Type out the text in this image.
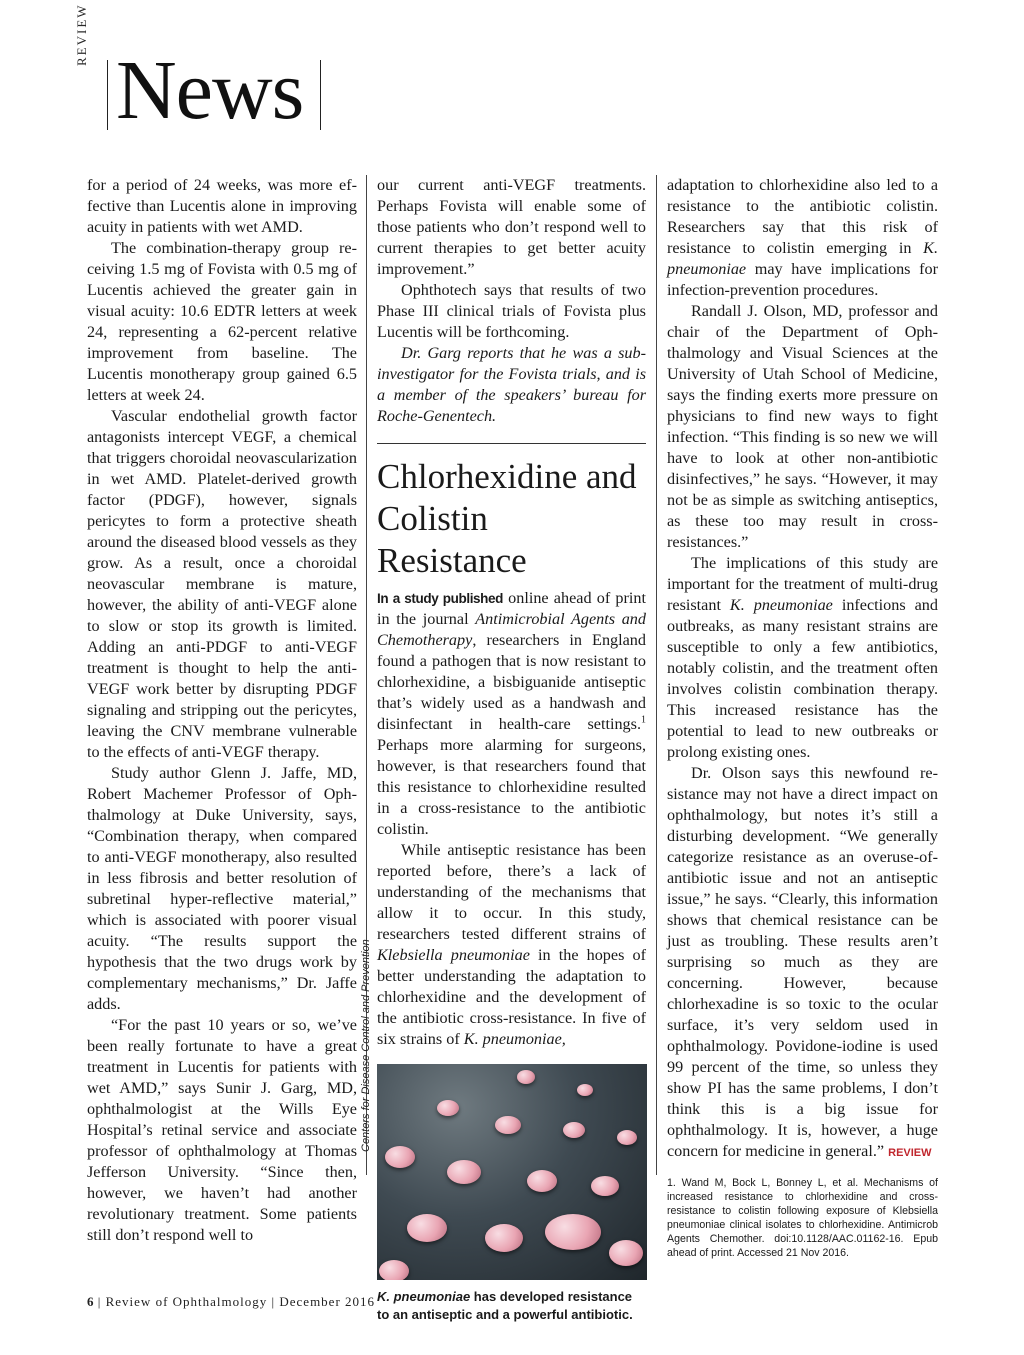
REVIEW
News

for a period of 24 weeks, was more effective than Lucentis alone in improving acuity in patients with wet AMD.

The combination-therapy group receiving 1.5 mg of Fovista with 0.5 mg of Lucentis achieved the greater gain in visual acuity: 10.6 EDTR letters at week 24, representing a 62-percent relative improvement from baseline. The Lucentis monotherapy group gained 6.5 letters at week 24.

Vascular endothelial growth factor antagonists intercept VEGF, a chemical that triggers choroidal neovascularization in wet AMD. Platelet-derived growth factor (PDGF), however, signals pericytes to form a protective sheath around the diseased blood vessels as they grow. As a result, once a choroidal neovascular membrane is mature, however, the ability of anti-VEGF alone to slow or stop its growth is limited. Adding an anti-PDGF to anti-VEGF treatment is thought to help the anti-VEGF work better by disrupting PDGF signaling and stripping out the pericytes, leaving the CNV membrane vulnerable to the effects of anti-VEGF therapy.

Study author Glenn J. Jaffe, MD, Robert Machemer Professor of Ophthalmology at Duke University, says, “Combination therapy, when compared to anti-VEGF monotherapy, also resulted in less fibrosis and better resolution of subretinal hyper-reflective material,” which is associated with poorer visual acuity. “The results support the hypothesis that the two drugs work by complementary mechanisms,” Dr. Jaffe adds.

“For the past 10 years or so, we’ve been really fortunate to have a great treatment in Lucentis for patients with wet AMD,” says Sunir J. Garg, MD, ophthalmologist at the Wills Eye Hospital’s retinal service and associate professor of ophthalmology at Thomas Jefferson University. “Since then, however, we haven’t had another revolutionary treatment. Some patients still don’t respond well to

our current anti-VEGF treatments. Perhaps Fovista will enable some of those patients who don’t respond well to current therapies to get better acuity improvement.”

Ophthotech says that results of two Phase III clinical trials of Fovista plus Lucentis will be forthcoming.

Dr. Garg reports that he was a subinvestigator for the Fovista trials, and is a member of the speakers’ bureau for Roche-Genentech.

Chlorhexidine and Colistin Resistance

In a study published online ahead of print in the journal Antimicrobial Agents and Chemotherapy, researchers in England found a pathogen that is now resistant to chlorhexidine, a bisbiguanide antiseptic that’s widely used as a handwash and disinfectant in health-care settings.$^1$ Perhaps more alarming for surgeons, however, is that researchers found that this resistance to chlorhexidine resulted in a cross-resistance to the antibiotic colistin.

While antiseptic resistance has been reported before, there’s a lack of understanding of the mechanisms that allow it to occur. In this study, researchers tested different strains of Klebsiella pneumoniae in the hopes of better understanding the adaptation to chlorhexidine and the development of the antibiotic cross-resistance. In five of six strains of K. pneumoniae,

K. pneumoniae has developed resistance to an antiseptic and a powerful antibiotic.
Centers for Disease Control and Prevention

adaptation to chlorhexidine also led to a resistance to the antibiotic colistin. Researchers say that this risk of resistance to colistin emerging in K. pneumoniae may have implications for infection-prevention procedures.

Randall J. Olson, MD, professor and chair of the Department of Ophthalmology and Visual Sciences at the University of Utah School of Medicine, says the finding exerts more pressure on physicians to find new ways to fight infection. “This finding is so new we will have to look at other non-antibiotic disinfectives,” he says. “However, it may not be as simple as switching antiseptics, as these too may result in cross-resistances.”

The implications of this study are important for the treatment of multi-drug resistant K. pneumoniae infections and outbreaks, as many resistant strains are susceptible to only a few antibiotics, notably colistin, and the treatment often involves colistin combination therapy. This increased resistance has the potential to lead to new outbreaks or prolong existing ones.

Dr. Olson says this newfound resistance may not have a direct impact on ophthalmology, but notes it’s still a disturbing development. “We generally categorize resistance as an overuse-of-antibiotic issue and not an antiseptic issue,” he says. “Clearly, this information shows that chemical resistance can be just as troubling. These results aren’t surprising so much as they are concerning. However, because chlorhexadine is so toxic to the ocular surface, it’s very seldom used in ophthalmology. Povidone-iodine is used 99 percent of the time, so unless they show PI has the same problems, I don’t think this is a big issue for ophthalmology. It is, however, a huge concern for medicine in general.” REVIEW

1. Wand M, Bock L, Bonney L, et al. Mechanisms of increased resistance to chlorhexidine and cross-resistance to colistin following exposure of Klebsiella pneumoniae clinical isolates to chlorhexidine. Antimicrob Agents Chemother. doi:10.1128/AAC.01162-16. Epub ahead of print. Accessed 21 Nov 2016.
6 | Review of Ophthalmology | December 2016
